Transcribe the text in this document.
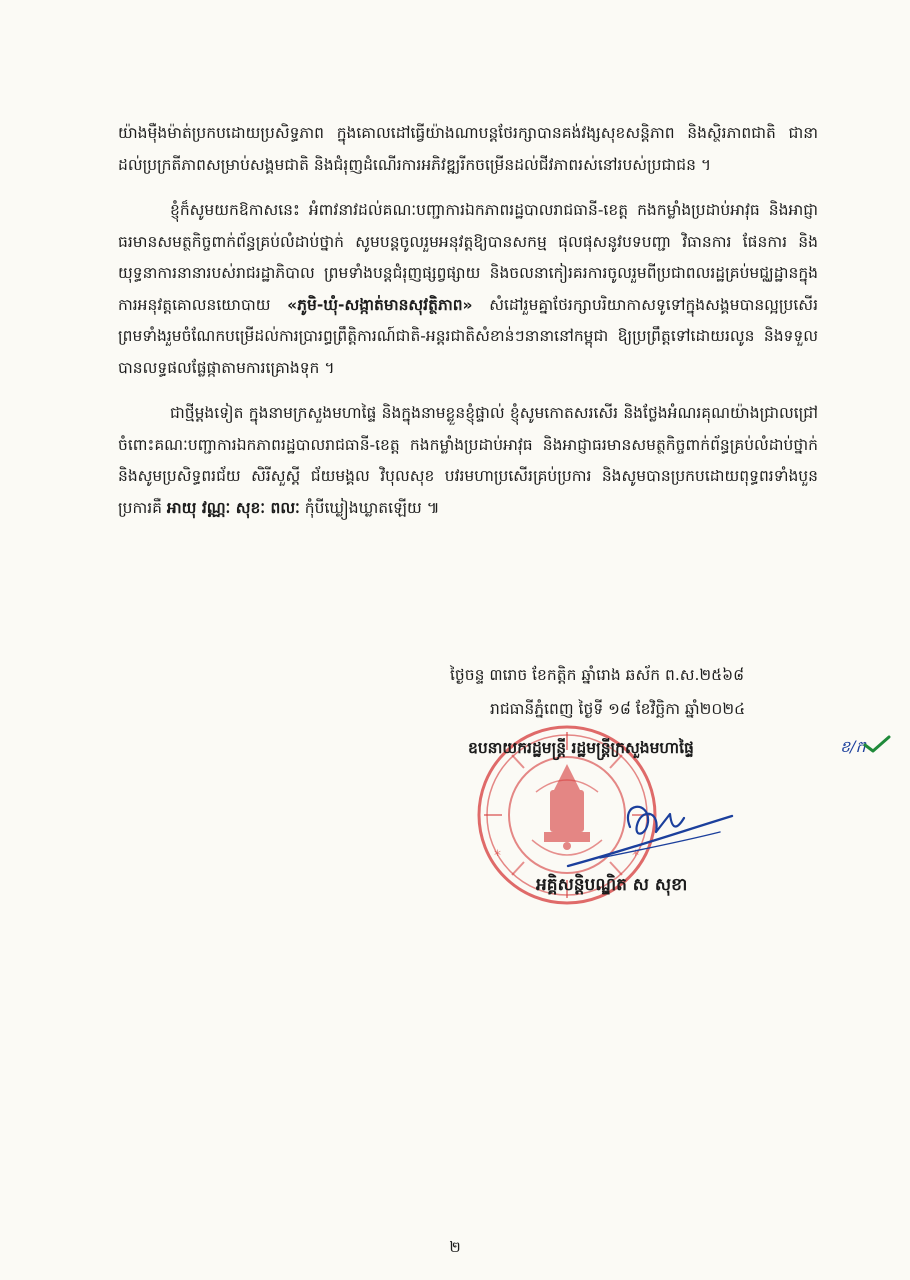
យ៉ាងម៉ឺងម៉ាត់ប្រកបដោយប្រសិទ្ធភាព ក្នុងគោលដៅធ្វើយ៉ាងណាបន្តថែរក្សាបានគង់វង្សសុខសន្តិភាព និងស្ថិរភាពជាតិ ជានាដល់ប្រក្រតីភាពសម្រាប់សង្គមជាតិ និងជំរុញដំណើរការអភិវឌ្ឍរីកចម្រើនដល់ជីវភាពរស់នៅរបស់ប្រជាជន ។

ខ្ញុំក៏សូមយកឱកាសនេះ អំពាវនាវដល់គណៈបញ្ជាការឯកភាពរដ្ឋបាលរាជធានី-ខេត្ត កងកម្លាំងប្រដាប់អាវុធ និងអាជ្ញាធរមានសមត្ថកិច្ចពាក់ព័ន្ធគ្រប់លំដាប់ថ្នាក់ សូមបន្តចូលរួមអនុវត្តឱ្យបានសកម្ម ផុលផុសនូវបទបញ្ជា វិធានការ ផែនការ និងយុទ្ធនាការនានារបស់រាជរដ្ឋាភិបាល ព្រមទាំងបន្តជំរុញផ្សព្វផ្សាយ និងចលនាកៀរគរការចូលរួមពីប្រជាពលរដ្ឋគ្រប់មជ្ឈដ្ឋានក្នុងការអនុវត្តគោលនយោបាយ «ភូមិ-ឃុំ-សង្កាត់មានសុវត្ថិភាព» សំដៅរួមគ្នាថែរក្សាបរិយាកាសទូទៅក្នុងសង្គមបានល្អប្រសើរ ព្រមទាំងរួមចំណែកបម្រើដល់ការប្រារព្ធព្រឹត្តិការណ៍ជាតិ-អន្តរជាតិសំខាន់ៗនានានៅកម្ពុជា ឱ្យប្រព្រឹត្តទៅដោយរលូន និងទទួលបានលទ្ធផលផ្លែផ្កាតាមការគ្រោងទុក ។

ជាថ្មីម្តងទៀត ក្នុងនាមក្រសួងមហាផ្ទៃ និងក្នុងនាមខ្លួនខ្ញុំផ្ទាល់ ខ្ញុំសូមកោតសរសើរ និងថ្លែងអំណរគុណយ៉ាងជ្រាលជ្រៅចំពោះគណៈបញ្ជាការឯកភាពរដ្ឋបាលរាជធានី-ខេត្ត កងកម្លាំងប្រដាប់អាវុធ និងអាជ្ញាធរមានសមត្ថកិច្ចពាក់ព័ន្ធគ្រប់លំដាប់ថ្នាក់ និងសូមប្រសិទ្ធពរជ័យ សិរីសួស្តី ជ័យមង្គល វិបុលសុខ បវរមហាប្រសើរគ្រប់ប្រការ និងសូមបានប្រកបដោយពុទ្ធពរទាំងបួនប្រការគឺ អាយុ វណ្ណៈ សុខៈ ពលៈ កុំបីឃ្លៀងឃ្លាតឡើយ ៕

ថ្ងៃចន្ទ ៣រោច ខែកត្តិក ឆ្នាំរោង ឆស័ក ព.ស.២៥៦៨
រាជធានីភ្នំពេញ ថ្ងៃទី ១៨ ខែវិច្ឆិកា ឆ្នាំ២០២៤
*	*
ឧបនាយករដ្ឋមន្ត្រី រដ្ឋមន្ត្រីក្រសួងមហាផ្ទៃ	ខ/ក
អគ្គិសន្តិបណ្ឌិត ស សុខា
២
